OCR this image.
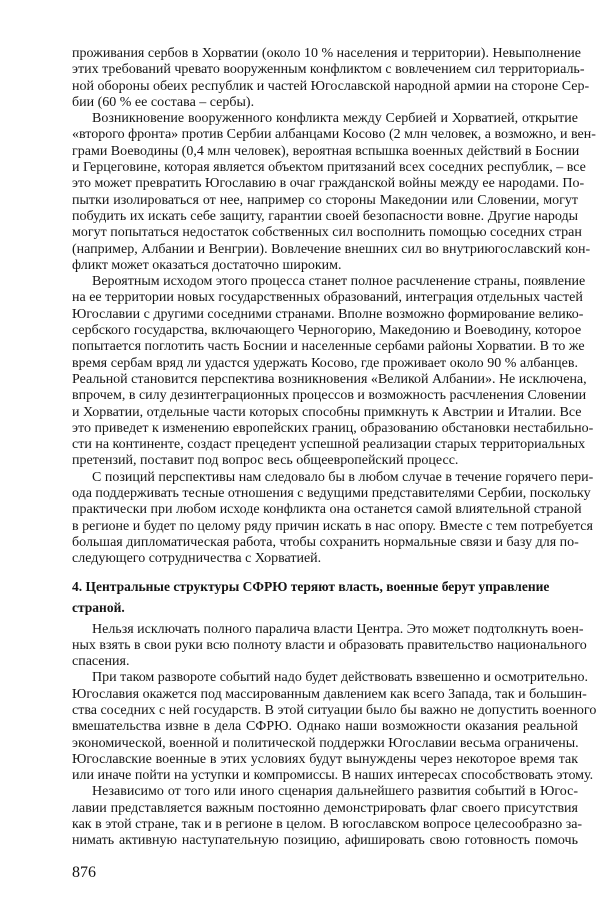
проживания сербов в Хорватии (около 10 % населения и территории). Невыполнение
этих требований чревато вооруженным конфликтом с вовлечением сил территориаль-
ной обороны обеих республик и частей Югославской народной армии на стороне Сер-
бии (60 % ее состава – сербы).
Возникновение вооруженного конфликта между Сербией и Хорватией, открытие
«второго фронта» против Сербии албанцами Косово (2 млн человек, а возможно, и вен-
грами Воеводины (0,4 млн человек), вероятная вспышка военных действий в Боснии
и Герцеговине, которая является объектом притязаний всех соседних республик, – все
это может превратить Югославию в очаг гражданской войны между ее народами. По-
пытки изолироваться от нее, например со стороны Македонии или Словении, могут
побудить их искать себе защиту, гарантии своей безопасности вовне. Другие народы
могут попытаться недостаток собственных сил восполнить помощью соседних стран
(например, Албании и Венгрии). Вовлечение внешних сил во внутриюгославский кон-
фликт может оказаться достаточно широким.
Вероятным исходом этого процесса станет полное расчленение страны, появление
на ее территории новых государственных образований, интеграция отдельных частей
Югославии с другими соседними странами. Вполне возможно формирование велико-
сербского государства, включающего Черногорию, Македонию и Воеводину, которое
попытается поглотить часть Боснии и населенные сербами районы Хорватии. В то же
время сербам вряд ли удастся удержать Косово, где проживает около 90 % албанцев.
Реальной становится перспектива возникновения «Великой Албании». Не исключена,
впрочем, в силу дезинтеграционных процессов и возможность расчленения Словении
и Хорватии, отдельные части которых способны примкнуть к Австрии и Италии. Все
это приведет к изменению европейских границ, образованию обстановки нестабильно-
сти на континенте, создаст прецедент успешной реализации старых территориальных
претензий, поставит под вопрос весь общеевропейский процесс.
С позиций перспективы нам следовало бы в любом случае в течение горячего пери-
ода поддерживать тесные отношения с ведущими представителями Сербии, поскольку
практически при любом исходе конфликта она останется самой влиятельной страной
в регионе и будет по целому ряду причин искать в нас опору. Вместе с тем потребуется
большая дипломатическая работа, чтобы сохранить нормальные связи и базу для по-
следующего сотрудничества с Хорватией.
4. Центральные структуры СФРЮ теряют власть, военные берут управление
страной.
Нельзя исключать полного паралича власти Центра. Это может подтолкнуть воен-
ных взять в свои руки всю полноту власти и образовать правительство национального
спасения.
При таком развороте событий надо будет действовать взвешенно и осмотрительно.
Югославия окажется под массированным давлением как всего Запада, так и большин-
ства соседних с ней государств. В этой ситуации было бы важно не допустить военного
вмешательства извне в дела СФРЮ. Однако наши возможности оказания реальной
экономической, военной и политической поддержки Югославии весьма ограничены.
Югославские военные в этих условиях будут вынуждены через некоторое время так
или иначе пойти на уступки и компромиссы. В наших интересах способствовать этому.
Независимо от того или иного сценария дальнейшего развития событий в Югос-
лавии представляется важным постоянно демонстрировать флаг своего присутствия
как в этой стране, так и в регионе в целом. В югославском вопросе целесообразно за-
нимать активную наступательную позицию, афишировать свою готовность помочь
876
